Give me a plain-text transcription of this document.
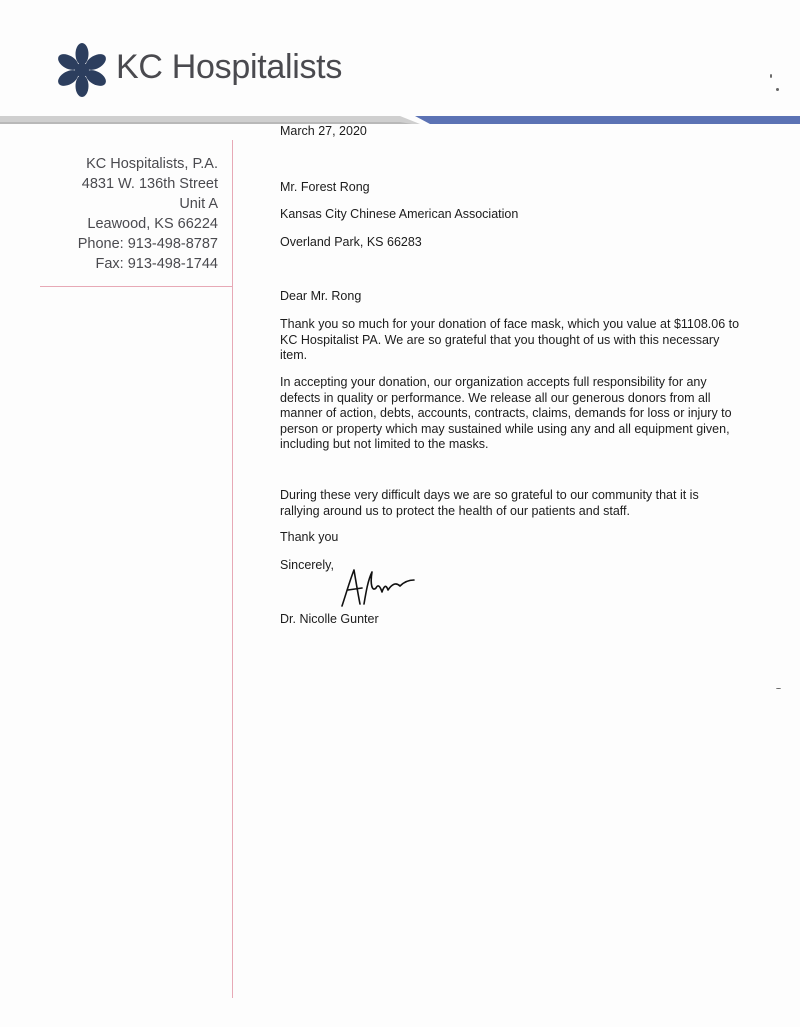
KC Hospitalists
KC Hospitalists, P.A.
4831 W. 136th Street
Unit A
Leawood, KS 66224
Phone: 913-498-8787
Fax: 913-498-1744
March 27, 2020
Mr. Forest Rong
Kansas City Chinese American Association
Overland Park, KS 66283
Dear Mr. Rong
Thank you so much for your donation of face mask, which you value at $1108.06 to KC Hospitalist PA. We are so grateful that you thought of us with this necessary item.
In accepting your donation, our organization accepts full responsibility for any defects in quality or performance. We release all our generous donors from all manner of action, debts, accounts, contracts, claims, demands for loss or injury to person or property which may sustained while using any and all equipment given, including but not limited to the masks.
During these very difficult days we are so grateful to our community that it is rallying around us to protect the health of our patients and staff.
Thank you
Sincerely,
Dr. Nicolle Gunter
